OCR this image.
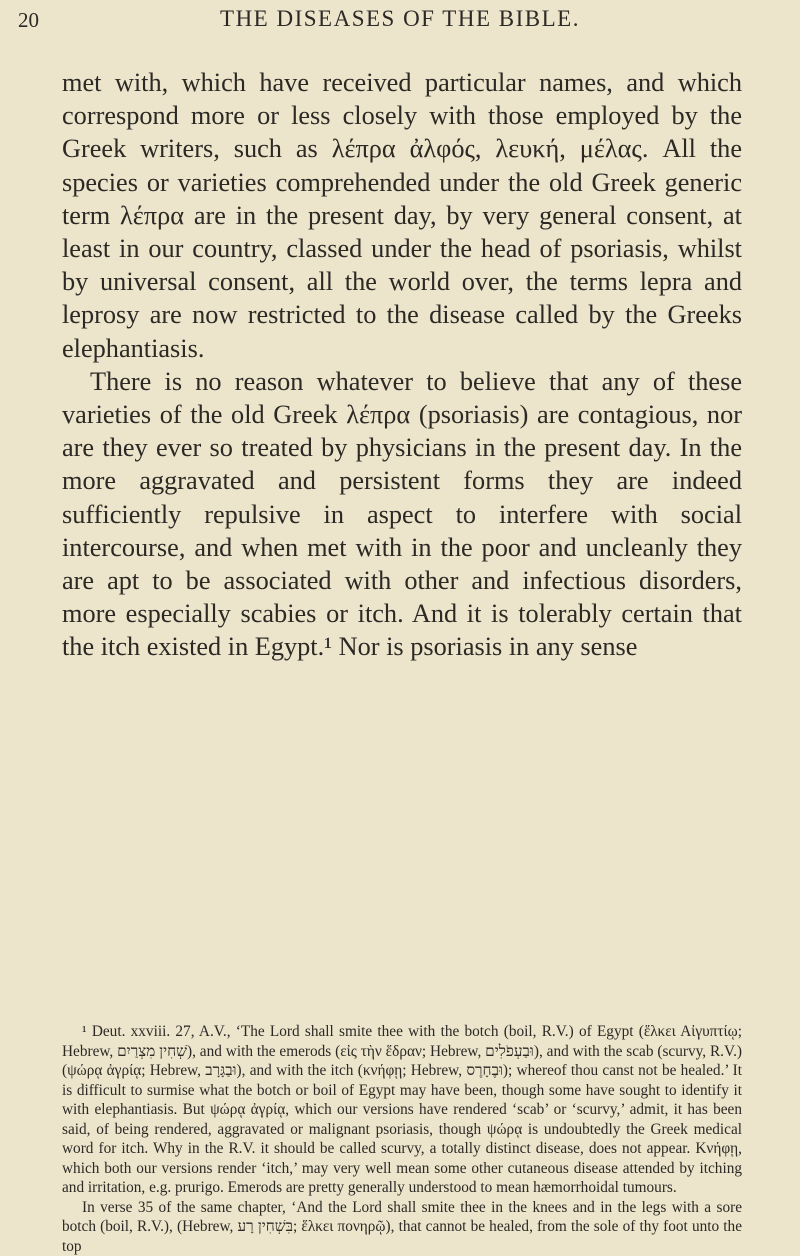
20	THE DISEASES OF THE BIBLE.

met with, which have received particular names, and which correspond more or less closely with those employed by the Greek writers, such as λέπρα ἀλφός, λευκή, μέλας. All the species or varieties comprehended under the old Greek generic term λέπρα are in the present day, by very general consent, at least in our country, classed under the head of psoriasis, whilst by universal consent, all the world over, the terms lepra and leprosy are now restricted to the disease called by the Greeks elephantiasis.

There is no reason whatever to believe that any of these varieties of the old Greek λέπρα (psoriasis) are contagious, nor are they ever so treated by physicians in the present day. In the more aggravated and persistent forms they are indeed sufficiently repulsive in aspect to interfere with social intercourse, and when met with in the poor and uncleanly they are apt to be associated with other and infectious disorders, more especially scabies or itch. And it is tolerably certain that the itch existed in Egypt.¹ Nor is psoriasis in any sense

¹ Deut. xxviii. 27, A.V., ‘The Lord shall smite thee with the botch (boil, R.V.) of Egypt (ἕλκει Αἰγυπτίῳ; Hebrew, שְׁחִין מִצְרַיִם), and with the emerods (εἰς τὴν ἕδραν; Hebrew, וּבַעְפֹלִים), and with the scab (scurvy, R.V.) (ψώρᾳ ἀγρίᾳ; Hebrew, וּבַגָּרָב), and with the itch (κνήφῃ; Hebrew, וּבֶחָרֶס); whereof thou canst not be healed.’ It is difficult to surmise what the botch or boil of Egypt may have been, though some have sought to identify it with elephantiasis. But ψώρᾳ ἀγρίᾳ, which our versions have rendered ‘scab’ or ‘scurvy,’ admit, it has been said, of being rendered, aggravated or malignant psoriasis, though ψώρᾳ is undoubtedly the Greek medical word for itch. Why in the R.V. it should be called scurvy, a totally distinct disease, does not appear. Κνήφῃ, which both our versions render ‘itch,’ may very well mean some other cutaneous disease attended by itching and irritation, e.g. prurigo. Emerods are pretty generally understood to mean hæmorrhoidal tumours.

In verse 35 of the same chapter, ‘And the Lord shall smite thee in the knees and in the legs with a sore botch (boil, R.V.), (Hebrew, בִּשְׁחִין רָע; ἕλκει πονηρῷ), that cannot be healed, from the sole of thy foot unto the top
